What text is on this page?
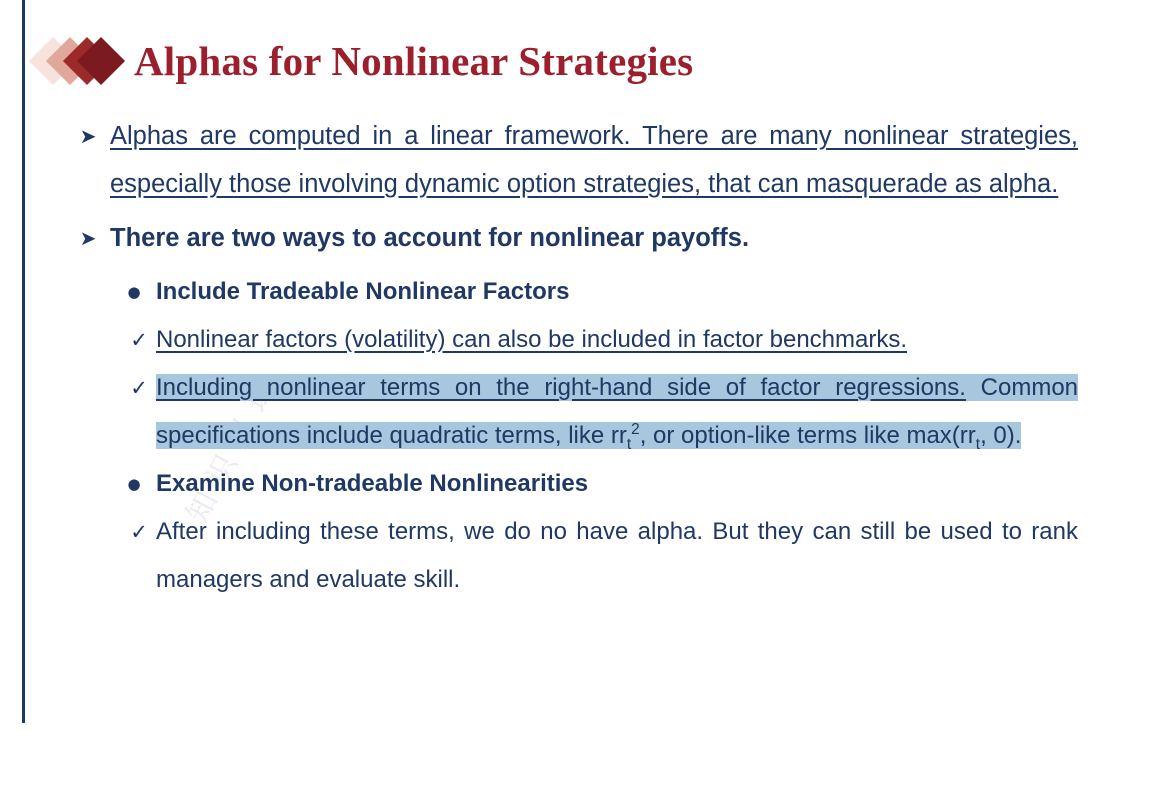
Alphas for Nonlinear Strategies
➤ Alphas are computed in a linear framework. There are many nonlinear strategies, especially those involving dynamic option strategies, that can masquerade as alpha.
➤ There are two ways to account for nonlinear payoffs.
● Include Tradeable Nonlinear Factors
✓ Nonlinear factors (volatility) can also be included in factor benchmarks.
✓ Including nonlinear terms on the right-hand side of factor regressions. Common specifications include quadratic terms, like $rr_t^2$, or option-like terms like $\max(rr_t$, 0).
● Examine Non-tradeable Nonlinearities
✓ After including these terms, we do no have alpha. But they can still be used to rank managers and evaluate skill.
